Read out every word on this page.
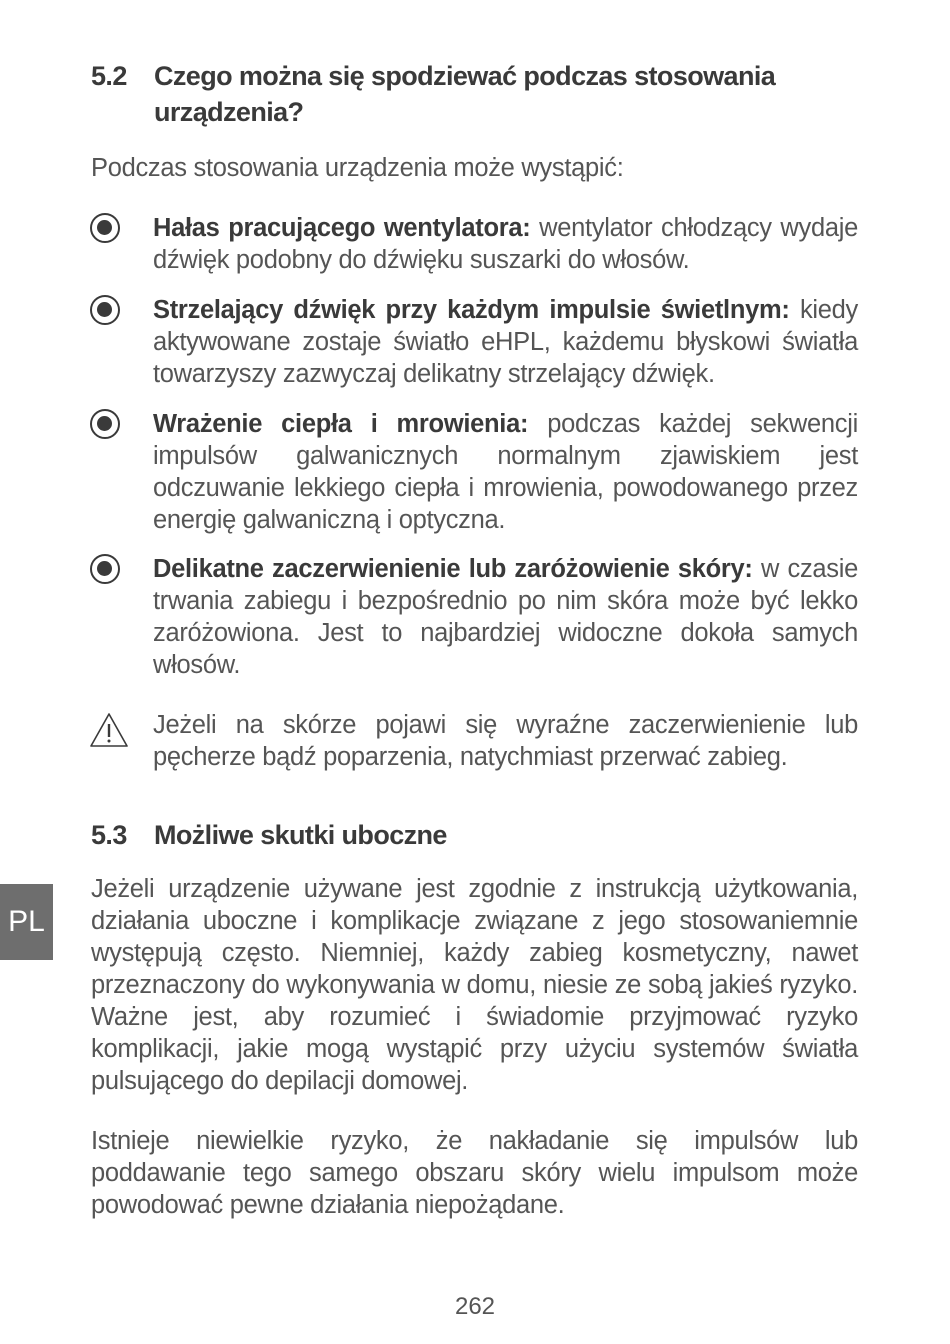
5.2 Czego można się spodziewać podczas stosowania urządzenia?
Podczas stosowania urządzenia może wystąpić:
Hałas pracującego wentylatora: wentylator chłodzący wydaje dźwięk podobny do dźwięku suszarki do włosów.
Strzelający dźwięk przy każdym impulsie świetlnym: kiedy aktywowane zostaje światło eHPL, każdemu błyskowi światła towarzyszy zazwyczaj delikatny strzelający dźwięk.
Wrażenie ciepła i mrowienia: podczas każdej sekwencji impulsów galwanicznych normalnym zjawiskiem jest odczuwanie lekkiego ciepła i mrowienia, powodowanego przez energię galwaniczną i optyczna.
Delikatne zaczerwienienie lub zaróżowienie skóry: w czasie trwania zabiegu i bezpośrednio po nim skóra może być lekko zaróżowiona. Jest to najbardziej widoczne dokoła samych włosów.
Jeżeli na skórze pojawi się wyraźne zaczerwienienie lub pęcherze bądź poparzenia, natychmiast przerwać zabieg.
5.3 Możliwe skutki uboczne
Jeżeli urządzenie używane jest zgodnie z instrukcją użytkowania, działania uboczne i komplikacje związane z jego stosowaniemnie występują często. Niemniej, każdy zabieg kosmetyczny, nawet przeznaczony do wykonywania w domu, niesie ze sobą jakieś ryzyko. Ważne jest, aby rozumieć i świadomie przyjmować ryzyko komplikacji, jakie mogą wystąpić przy użyciu systemów światła pulsującego do depilacji domowej.
Istnieje niewielkie ryzyko, że nakładanie się impulsów lub poddawanie tego samego obszaru skóry wielu impulsom może powodować pewne działania niepożądane.
PL
262
